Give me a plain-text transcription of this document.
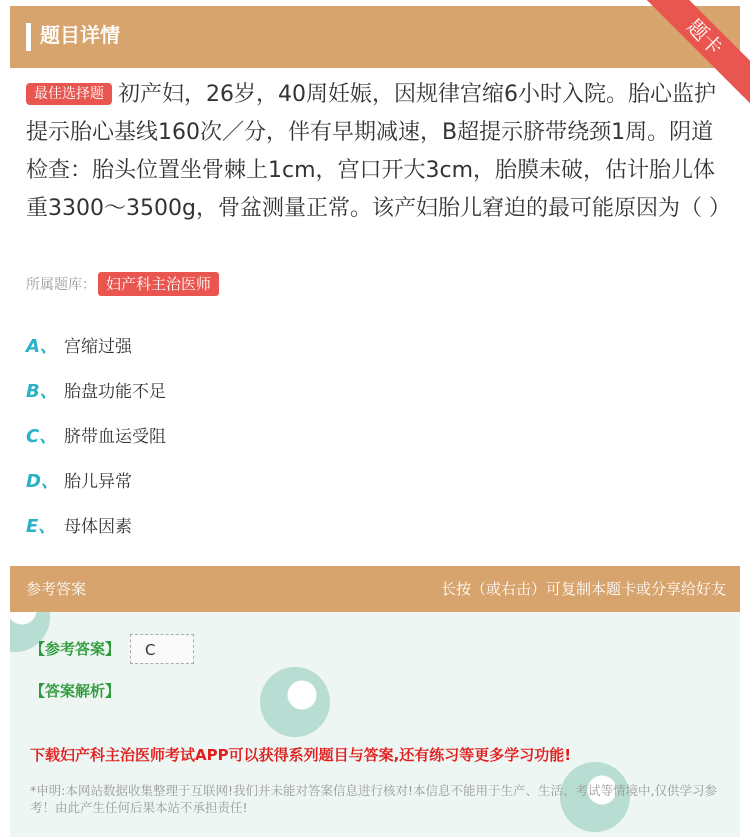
题目详情	题卡
最佳选择题 初产妇，26岁，40周妊娠，因规律宫缩6小时入院。胎心监护提示胎心基线160次／分，伴有早期减速，B超提示脐带绕颈1周。阴道检查：胎头位置坐骨棘上1cm，宫口开大3cm，胎膜未破，估计胎儿体重3300～3500g，骨盆测量正常。该产妇胎儿窘迫的最可能原因为（ ）
所属题库： 妇产科主治医师
A、 宫缩过强
B、 胎盘功能不足
C、 脐带血运受阻
D、 胎儿异常
E、 母体因素
参考答案	长按（或右击）可复制本题卡或分享给好友
【参考答案】	C
【答案解析】
下载妇产科主治医师考试APP可以获得系列题目与答案,还有练习等更多学习功能!
*申明:本网站数据收集整理于互联网!我们并未能对答案信息进行核对!本信息不能用于生产、生活、考试等情境中,仅供学习参考！由此产生任何后果本站不承担责任!
